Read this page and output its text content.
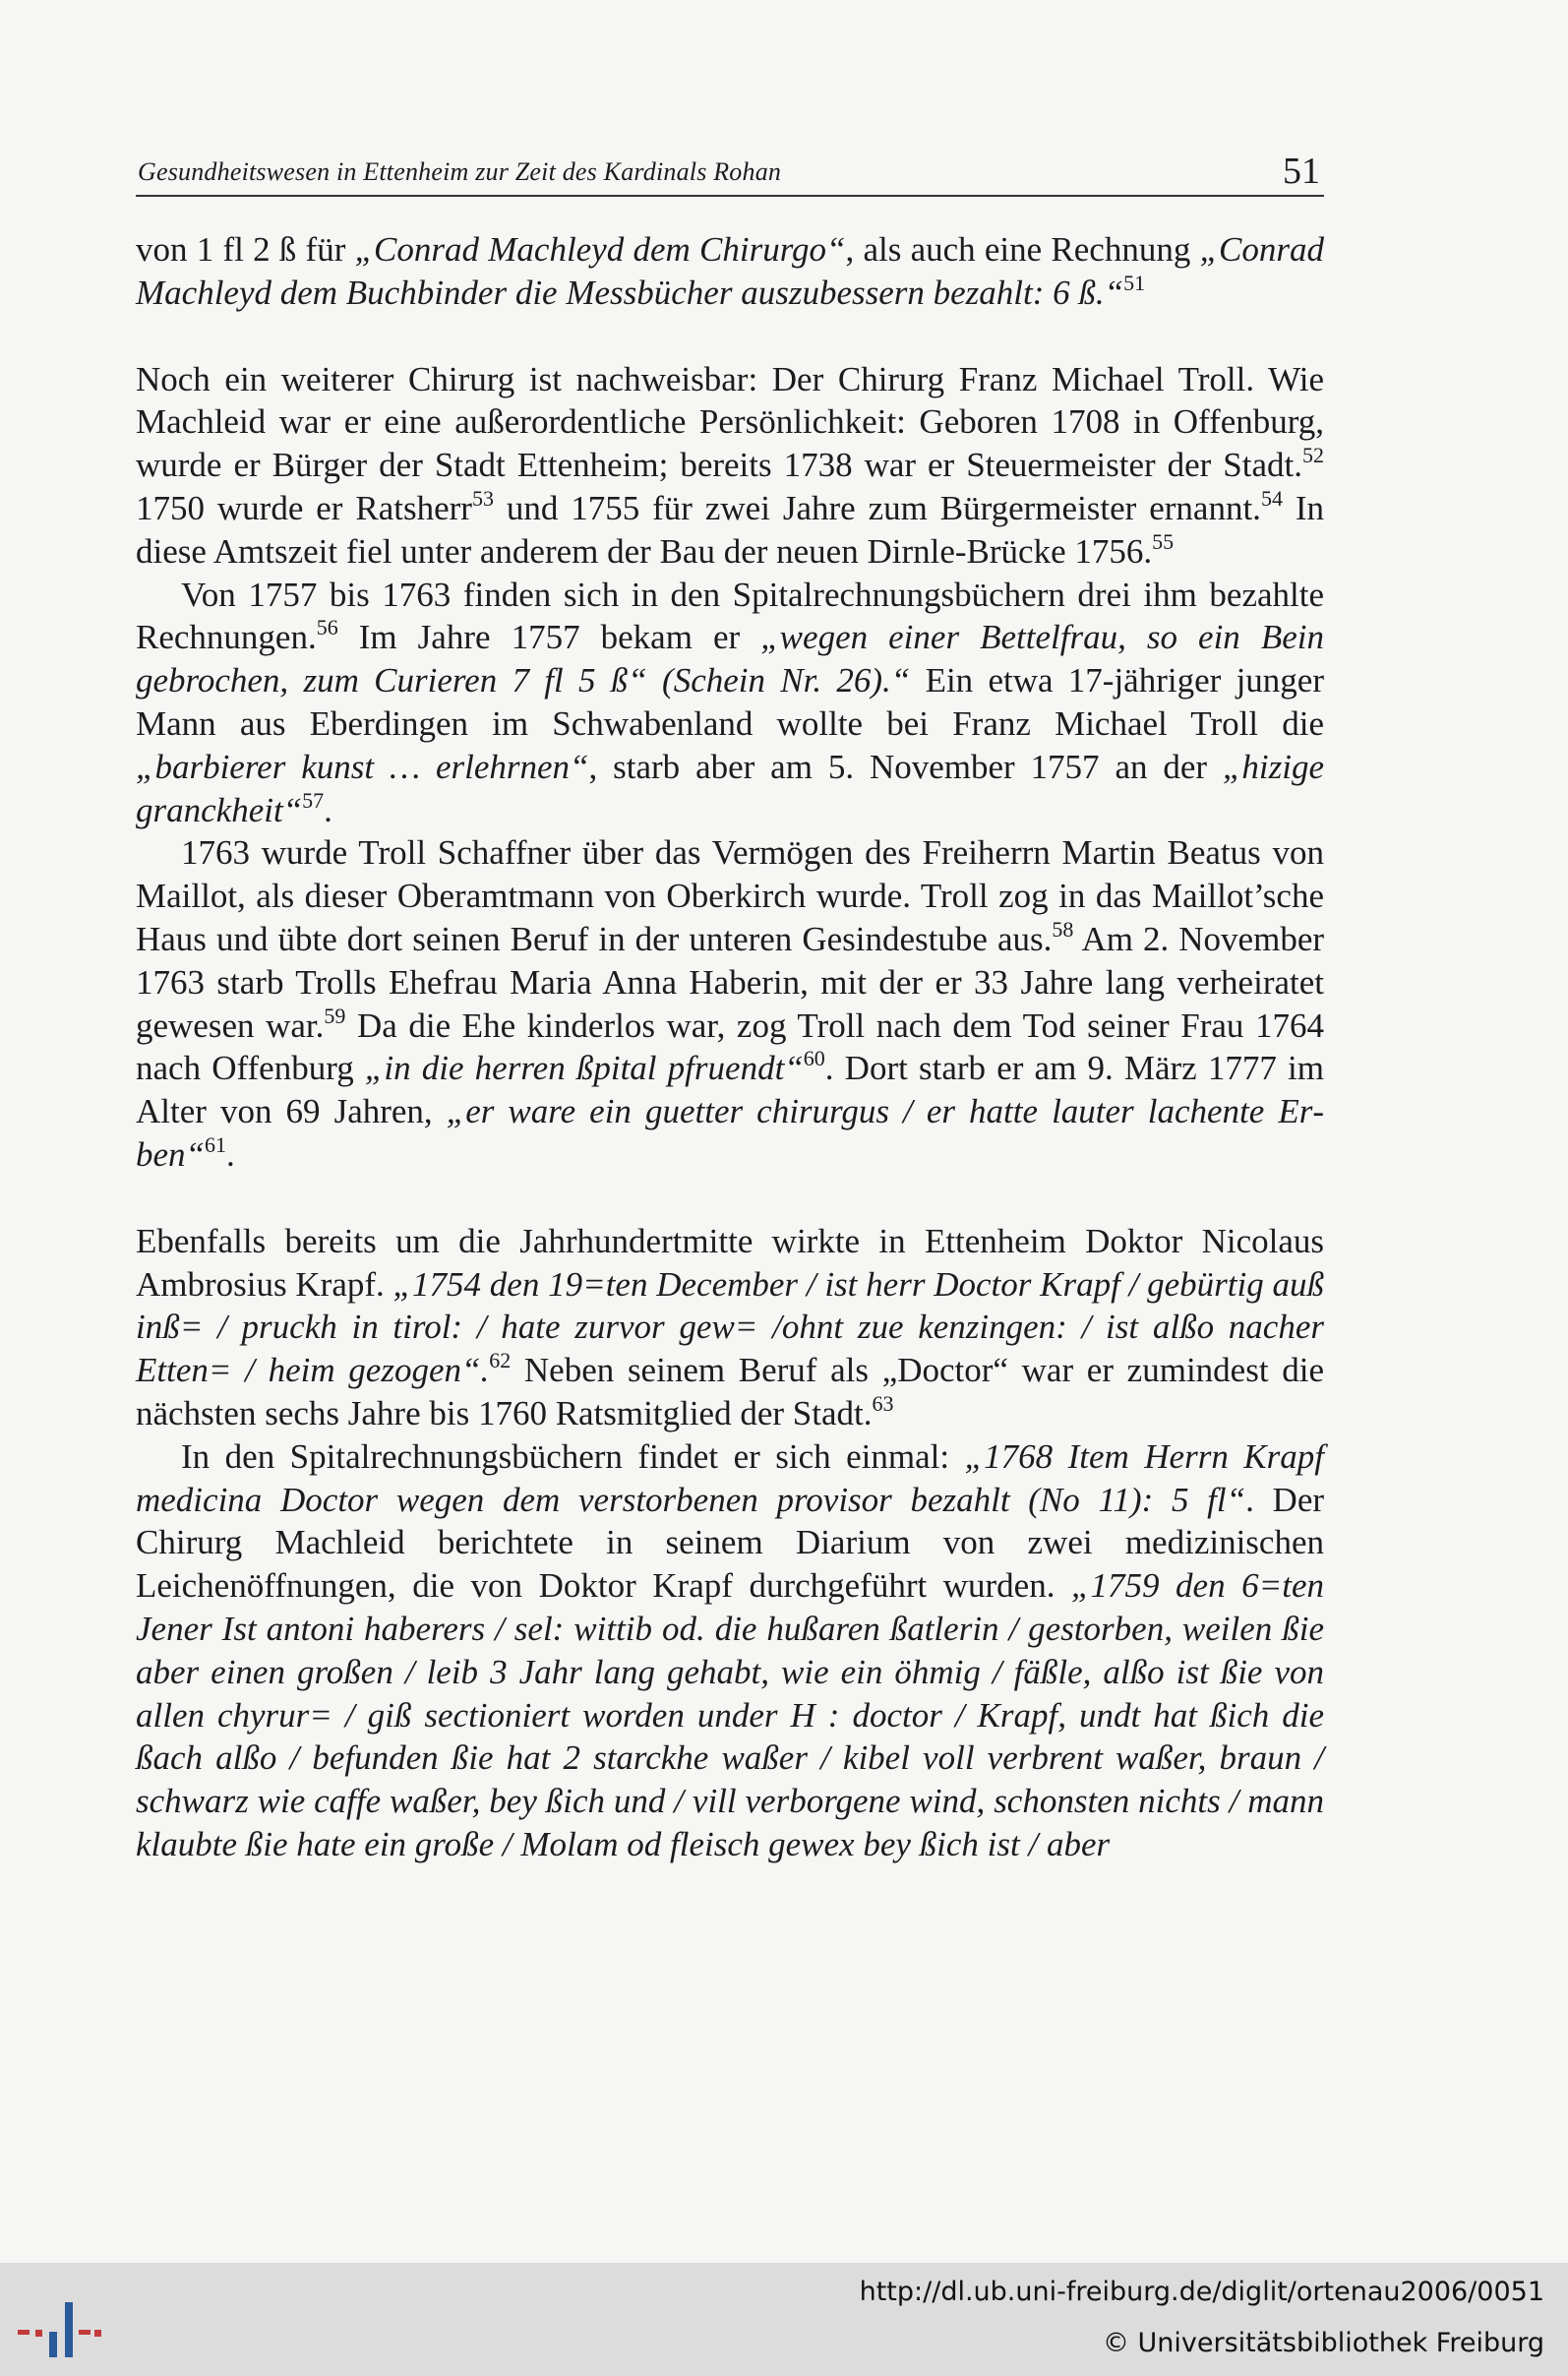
Gesundheitswesen in Ettenheim zur Zeit des Kardinals Rohan	51

von 1 fl 2 ß für „Conrad Machleyd dem Chirurgo“, als auch eine Rechnung „Conrad Machleyd dem Buchbinder die Messbücher auszubessern bezahlt: 6 ß.“$^{51}$

Noch ein weiterer Chirurg ist nachweisbar: Der Chirurg Franz Michael Troll. Wie Machleid war er eine außerordentliche Persönlichkeit: Geboren 1708 in Offenburg, wurde er Bürger der Stadt Ettenheim; bereits 1738 war er Steuermeister der Stadt.$^{52}$ 1750 wurde er Ratsherr$^{53}$ und 1755 für zwei Jahre zum Bürgermeister ernannt.$^{54}$ In diese Amtszeit fiel unter anderem der Bau der neuen Dirnle-Brücke 1756.55

Von 1757 bis 1763 finden sich in den Spitalrechnungsbüchern drei ihm bezahlte Rechnungen.$^{56}$ Im Jahre 1757 bekam er „wegen einer Bettelfrau, so ein Bein gebrochen, zum Curieren 7 fl 5 ß“ (Schein Nr. 26).“ Ein etwa 17-jähriger junger Mann aus Eberdingen im Schwabenland wollte bei Franz Michael Troll die „barbierer kunst … erlehrnen“, starb aber am 5. November 1757 an der „hizige granckheit“$^{57}$.

1763 wurde Troll Schaffner über das Vermögen des Freiherrn Martin Beatus von Maillot, als dieser Oberamtmann von Oberkirch wurde. Troll zog in das Maillot’sche Haus und übte dort seinen Beruf in der unteren Gesindestube aus.$^{58}$ Am 2. November 1763 starb Trolls Ehefrau Maria Anna Haberin, mit der er 33 Jahre lang verheiratet gewesen war.$^{59}$ Da die Ehe kinderlos war, zog Troll nach dem Tod seiner Frau 1764 nach Offenburg „in die herren ßpital pfruendt“$^{60}$. Dort starb er am 9. März 1777 im Alter von 69 Jahren, „er ware ein guetter chirurgus / er hatte lauter lachente Erben“$^{61}$.

Ebenfalls bereits um die Jahrhundertmitte wirkte in Ettenheim Doktor Nicolaus Ambrosius Krapf. „1754 den 19=ten December / ist herr Doctor Krapf / gebürtig auß inß= / pruckh in tirol: / hate zurvor gew= /ohnt zue kenzingen: / ist alßo nacher Etten= / heim gezogen“.$^{62}$ Neben seinem Beruf als „Doctor“ war er zumindest die nächsten sechs Jahre bis 1760 Ratsmitglied der Stadt.$^{63}$

In den Spitalrechnungsbüchern findet er sich einmal: „1768 Item Herrn Krapf medicina Doctor wegen dem verstorbenen provisor bezahlt (No 11): 5 fl“. Der Chirurg Machleid berichtete in seinem Diarium von zwei medizinischen Leichenöffnungen, die von Doktor Krapf durchgeführt wurden. „1759 den 6=ten Jener Ist antoni haberers / sel: wittib od. die hußaren ßatlerin / gestorben, weilen ßie aber einen großen / leib 3 Jahr lang gehabt, wie ein öhmig / fäßle, alßo ist ßie von allen chyrur= / giß sectioniert worden under H : doctor / Krapf, undt hat ßich die ßach alßo / befunden ßie hat 2 starckhe waßer / kibel voll verbrent waßer, braun / schwarz wie caffe waßer, bey ßich und / vill verborgene wind, schonsten nichts / mann klaubte ßie hate ein große / Molam od fleisch gewex bey ßich ist / aber

http://dl.ub.uni-freiburg.de/diglit/ortenau2006/0051
© Universitätsbibliothek Freiburg
